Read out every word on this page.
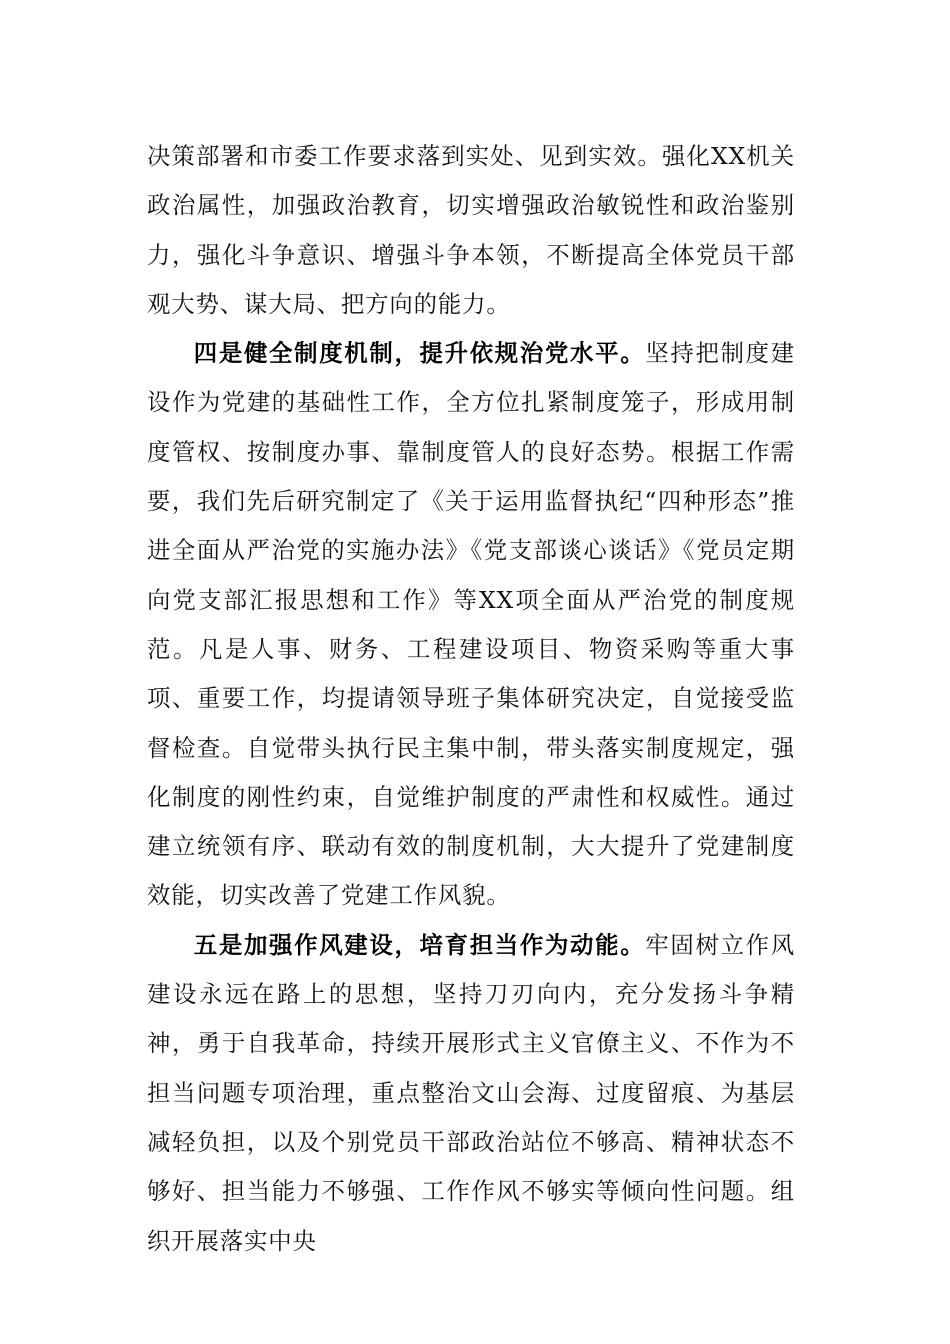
决策部署和市委工作要求落到实处、见到实效。强化XX机关政治属性，加强政治教育，切实增强政治敏锐性和政治鉴别力，强化斗争意识、增强斗争本领，不断提高全体党员干部观大势、谋大局、把方向的能力。

四是健全制度机制，提升依规治党水平。坚持把制度建设作为党建的基础性工作，全方位扎紧制度笼子，形成用制度管权、按制度办事、靠制度管人的良好态势。根据工作需要，我们先后研究制定了《关于运用监督执纪“四种形态”推进全面从严治党的实施办法》《党支部谈心谈话》《党员定期向党支部汇报思想和工作》等XX项全面从严治党的制度规范。凡是人事、财务、工程建设项目、物资采购等重大事项、重要工作，均提请领导班子集体研究决定，自觉接受监督检查。自觉带头执行民主集中制，带头落实制度规定，强化制度的刚性约束，自觉维护制度的严肃性和权威性。通过建立统领有序、联动有效的制度机制，大大提升了党建制度效能，切实改善了党建工作风貌。

五是加强作风建设，培育担当作为动能。牢固树立作风建设永远在路上的思想，坚持刀刃向内，充分发扬斗争精神，勇于自我革命，持续开展形式主义官僚主义、不作为不担当问题专项治理，重点整治文山会海、过度留痕、为基层减轻负担，以及个别党员干部政治站位不够高、精神状态不够好、担当能力不够强、工作作风不够实等倾向性问题。组织开展落实中央
